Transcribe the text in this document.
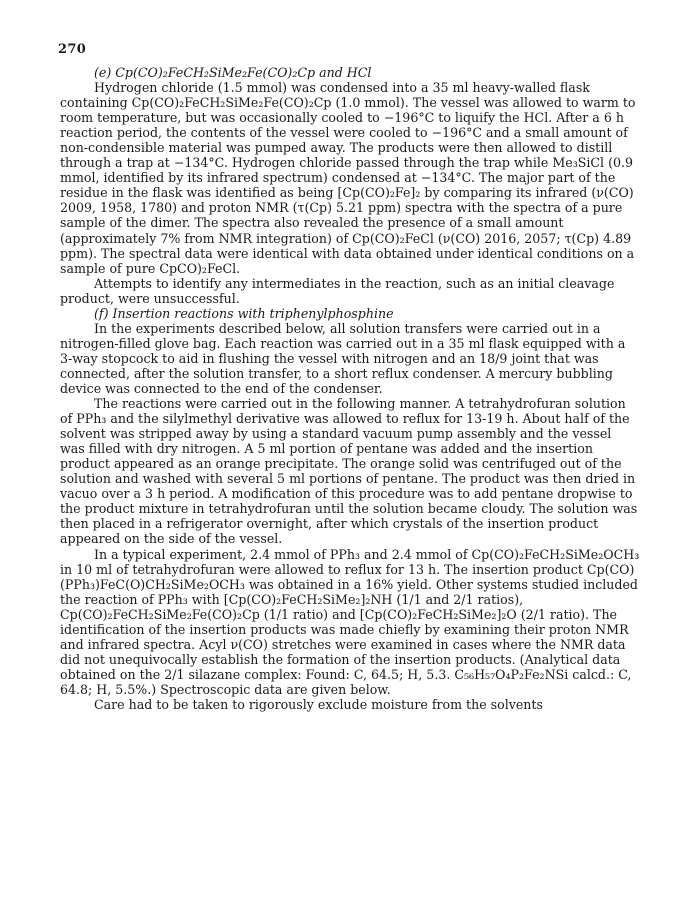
270

(e) Cp(CO)₂FeCH₂SiMe₂Fe(CO)₂Cp and HCl

Hydrogen chloride (1.5 mmol) was condensed into a 35 ml heavy-walled flask containing Cp(CO)₂FeCH₂SiMe₂Fe(CO)₂Cp (1.0 mmol). The vessel was allowed to warm to room temperature, but was occasionally cooled to −196°C to liquify the HCl. After a 6 h reaction period, the contents of the vessel were cooled to −196°C and a small amount of non-condensible material was pumped away. The products were then allowed to distill through a trap at −134°C. Hydrogen chloride passed through the trap while Me₃SiCl (0.9 mmol, identified by its infrared spectrum) condensed at −134°C. The major part of the residue in the flask was identified as being [Cp(CO)₂Fe]₂ by comparing its infrared (ν(CO) 2009, 1958, 1780) and proton NMR (τ(Cp) 5.21 ppm) spectra with the spectra of a pure sample of the dimer. The spectra also revealed the presence of a small amount (approximately 7% from NMR integration) of Cp(CO)₂FeCl (ν(CO) 2016, 2057; τ(Cp) 4.89 ppm). The spectral data were identical with data obtained under identical conditions on a sample of pure CpCO)₂FeCl.

Attempts to identify any intermediates in the reaction, such as an initial cleavage product, were unsuccessful.

(f) Insertion reactions with triphenylphosphine

In the experiments described below, all solution transfers were carried out in a nitrogen-filled glove bag. Each reaction was carried out in a 35 ml flask equipped with a 3-way stopcock to aid in flushing the vessel with nitrogen and an 18/9 joint that was connected, after the solution transfer, to a short reflux condenser. A mercury bubbling device was connected to the end of the condenser.

The reactions were carried out in the following manner. A tetrahydrofuran solution of PPh₃ and the silylmethyl derivative was allowed to reflux for 13-19 h. About half of the solvent was stripped away by using a standard vacuum pump assembly and the vessel was filled with dry nitrogen. A 5 ml portion of pentane was added and the insertion product appeared as an orange precipitate. The orange solid was centrifuged out of the solution and washed with several 5 ml portions of pentane. The product was then dried in vacuo over a 3 h period. A modification of this procedure was to add pentane dropwise to the product mixture in tetrahydrofuran until the solution became cloudy. The solution was then placed in a refrigerator overnight, after which crystals of the insertion product appeared on the side of the vessel.

In a typical experiment, 2.4 mmol of PPh₃ and 2.4 mmol of Cp(CO)₂FeCH₂SiMe₂OCH₃ in 10 ml of tetrahydrofuran were allowed to reflux for 13 h. The insertion product Cp(CO)(PPh₃)FeC(O)CH₂SiMe₂OCH₃ was obtained in a 16% yield. Other systems studied included the reaction of PPh₃ with [Cp(CO)₂FeCH₂SiMe₂]₂NH (1/1 and 2/1 ratios), Cp(CO)₂FeCH₂SiMe₂Fe(CO)₂Cp (1/1 ratio) and [Cp(CO)₂FeCH₂SiMe₂]₂O (2/1 ratio). The identification of the insertion products was made chiefly by examining their proton NMR and infrared spectra. Acyl ν(CO) stretches were examined in cases where the NMR data did not unequivocally establish the formation of the insertion products. (Analytical data obtained on the 2/1 silazane complex: Found: C, 64.5; H, 5.3. C₅₆H₅₇O₄P₂Fe₂NSi calcd.: C, 64.8; H, 5.5%.) Spectroscopic data are given below.

Care had to be taken to rigorously exclude moisture from the solvents
